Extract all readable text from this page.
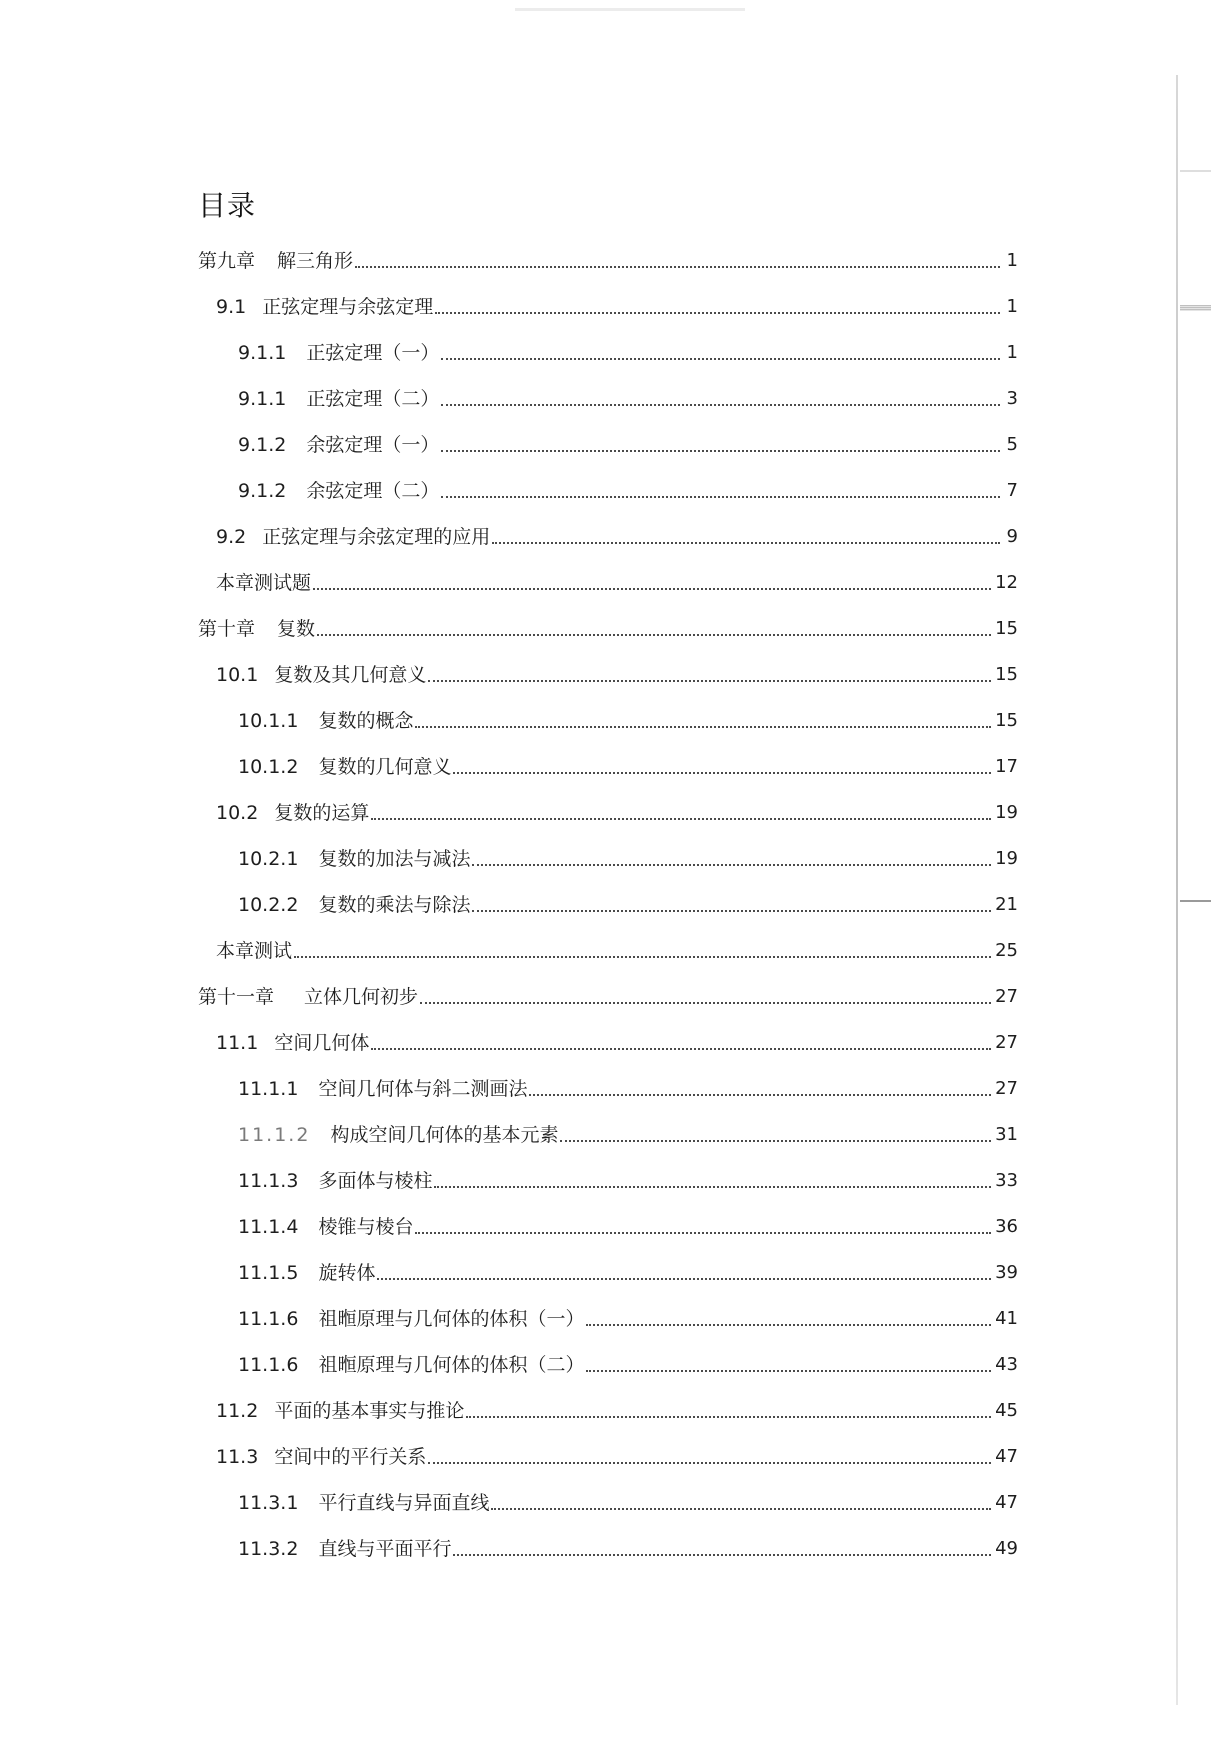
目录
第九章 解三角形	1
9.1 正弦定理与余弦定理	1
9.1.1 正弦定理（一）	1
9.1.1 正弦定理（二）	3
9.1.2 余弦定理（一）	5
9.1.2 余弦定理（二）	7
9.2 正弦定理与余弦定理的应用	9
本章测试题	12
第十章 复数	15
10.1 复数及其几何意义	15
10.1.1 复数的概念	15
10.1.2 复数的几何意义	17
10.2 复数的运算	19
10.2.1 复数的加法与减法	19
10.2.2 复数的乘法与除法	21
本章测试	25
第十一章 立体几何初步	27
11.1 空间几何体	27
11.1.1 空间几何体与斜二测画法	27
11.1.2 构成空间几何体的基本元素	31
11.1.3 多面体与棱柱	33
11.1.4 棱锥与棱台	36
11.1.5 旋转体	39
11.1.6 祖暅原理与几何体的体积（一）	41
11.1.6 祖暅原理与几何体的体积（二）	43
11.2 平面的基本事实与推论	45
11.3 空间中的平行关系	47
11.3.1 平行直线与异面直线	47
11.3.2 直线与平面平行	49
